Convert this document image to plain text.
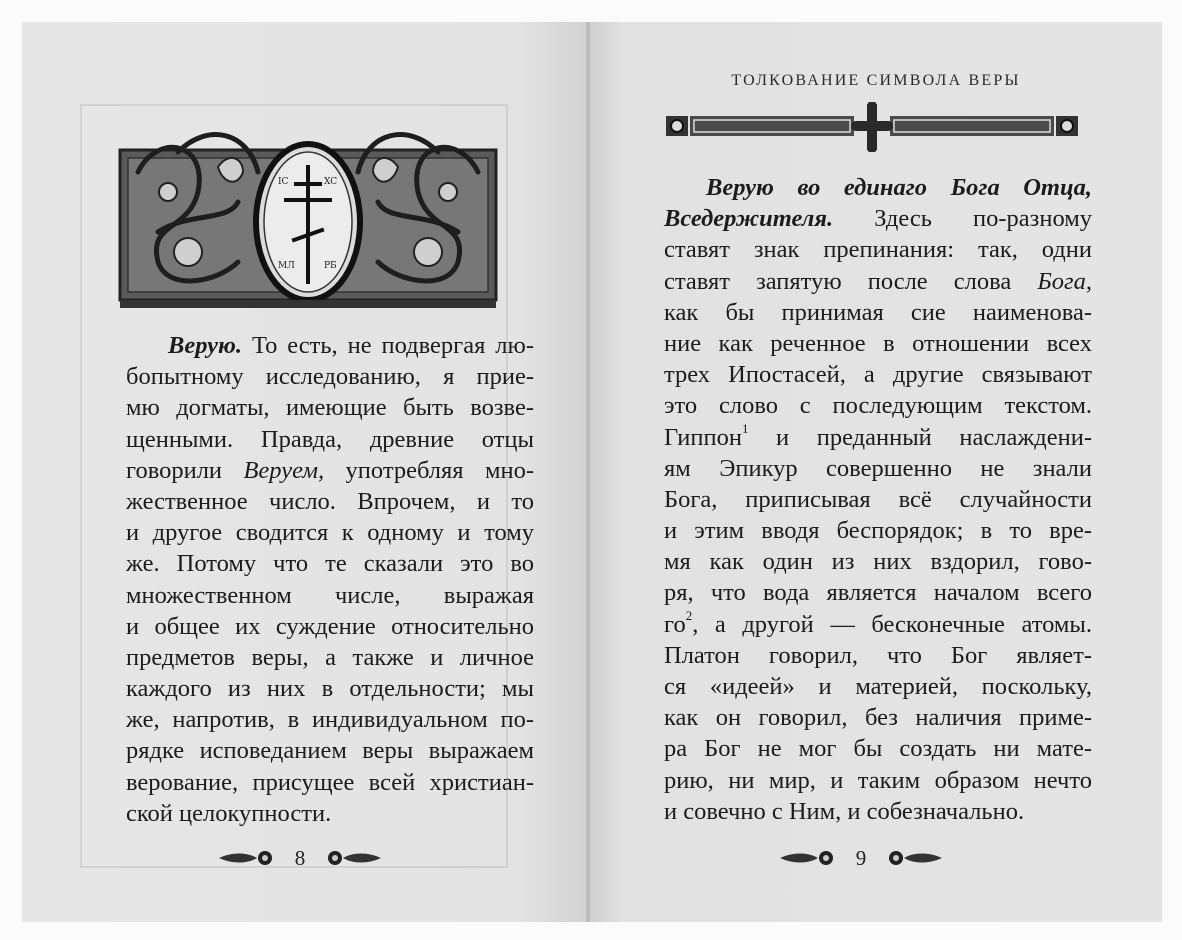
IC	XC
МЛ	РБ
Верую. То есть, не подвергая лю-
бопытному исследованию, я прие-
мю догматы, имеющие быть возве-
щенными. Правда, древние отцы
говорили Веруем, употребляя мно-
жественное число. Впрочем, и то
и другое сводится к одному и тому
же. Потому что те сказали это во
множественном числе, выражая
и общее их суждение относительно
предметов веры, а также и личное
каждого из них в отдельности; мы
же, напротив, в индивидуальном по-
рядке исповеданием веры выражаем
верование, присущее всей христиан-
ской целокупности.
8
ТОЛКОВАНИЕ СИМВОЛА ВЕРЫ
Верую во единаго Бога Отца,
Вседержителя. Здесь по-разному
ставят знак препинания: так, одни
ставят запятую после слова Бога,
как бы принимая сие наименова-
ние как реченное в отношении всех
трех Ипостасей, а другие связывают
это слово с последующим текстом.
Гиппон$^1$ и преданный наслаждени-
ям Эпикур совершенно не знали
Бога, приписывая всё случайности
и этим вводя беспорядок; в то вре-
мя как один из них вздорил, гово-
ря, что вода является началом всего
$го^2$, а другой — бесконечные атомы.
Платон говорил, что Бог являет-
ся «идеей» и материей, поскольку,
как он говорил, без наличия приме-
ра Бог не мог бы создать ни мате-
рию, ни мир, и таким образом нечто
и совечно с Ним, и собезначально.
9
